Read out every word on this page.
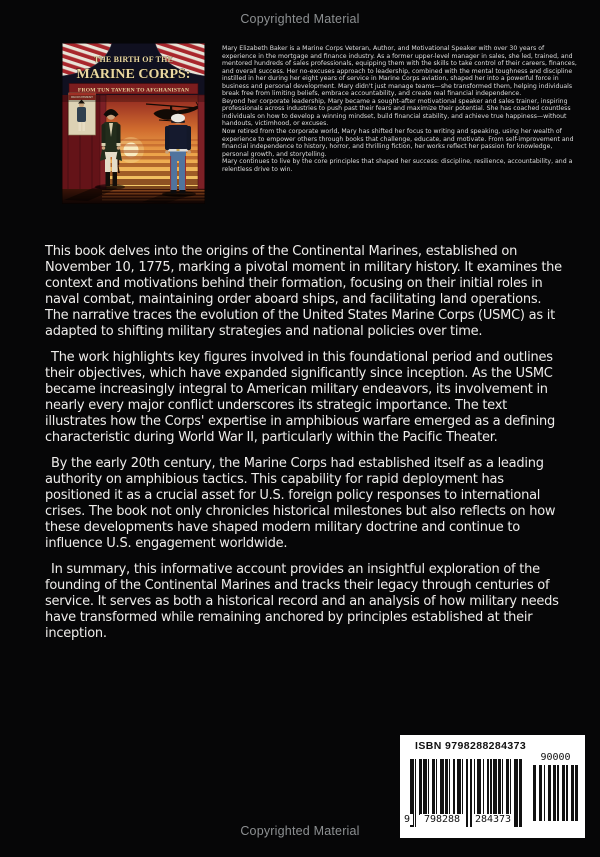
Copyrighted Material
THE BIRTH OF THE
MARINE CORPS:
FROM TUN TAVERN TO AFGHANISTAN
RECRUITMENT

Mary Elizabeth Baker is a Marine Corps Veteran, Author, and Motivational Speaker with over 30 years of experience in the mortgage and finance industry. As a former upper-level manager in sales, she led, trained, and mentored hundreds of sales professionals, equipping them with the skills to take control of their careers, finances, and overall success. Her no-excuses approach to leadership, combined with the mental toughness and discipline instilled in her during her eight years of service in Marine Corps aviation, shaped her into a powerful force in business and personal development. Mary didn't just manage teams—she transformed them, helping individuals break free from limiting beliefs, embrace accountability, and create real financial independence.

Beyond her corporate leadership, Mary became a sought-after motivational speaker and sales trainer, inspiring professionals across industries to push past their fears and maximize their potential. She has coached countless individuals on how to develop a winning mindset, build financial stability, and achieve true happiness—without handouts, victimhood, or excuses.

Now retired from the corporate world, Mary has shifted her focus to writing and speaking, using her wealth of experience to empower others through books that challenge, educate, and motivate. From self-improvement and financial independence to history, horror, and thrilling fiction, her works reflect her passion for knowledge, personal growth, and storytelling.

Mary continues to live by the core principles that shaped her success: discipline, resilience, accountability, and a relentless drive to win.

This book delves into the origins of the Continental Marines, established on November 10, 1775, marking a pivotal moment in military history. It examines the context and motivations behind their formation, focusing on their initial roles in naval combat, maintaining order aboard ships, and facilitating land operations. The narrative traces the evolution of the United States Marine Corps (USMC) as it adapted to shifting military strategies and national policies over time.

The work highlights key figures involved in this foundational period and outlines their objectives, which have expanded significantly since inception. As the USMC became increasingly integral to American military endeavors, its involvement in nearly every major conflict underscores its strategic importance. The text illustrates how the Corps' expertise in amphibious warfare emerged as a defining characteristic during World War II, particularly within the Pacific Theater.

By the early 20th century, the Marine Corps had established itself as a leading authority on amphibious tactics. This capability for rapid deployment has positioned it as a crucial asset for U.S. foreign policy responses to international crises. The book not only chronicles historical milestones but also reflects on how these developments have shaped modern military doctrine and continue to influence U.S. engagement worldwide.

In summary, this informative account provides an insightful exploration of the founding of the Continental Marines and tracks their legacy through centuries of service. It serves as both a historical record and an analysis of how military needs have transformed while remaining anchored by principles established at their inception.

ISBN 9798288284373
90000
9	798288	284373
Copyrighted Material
